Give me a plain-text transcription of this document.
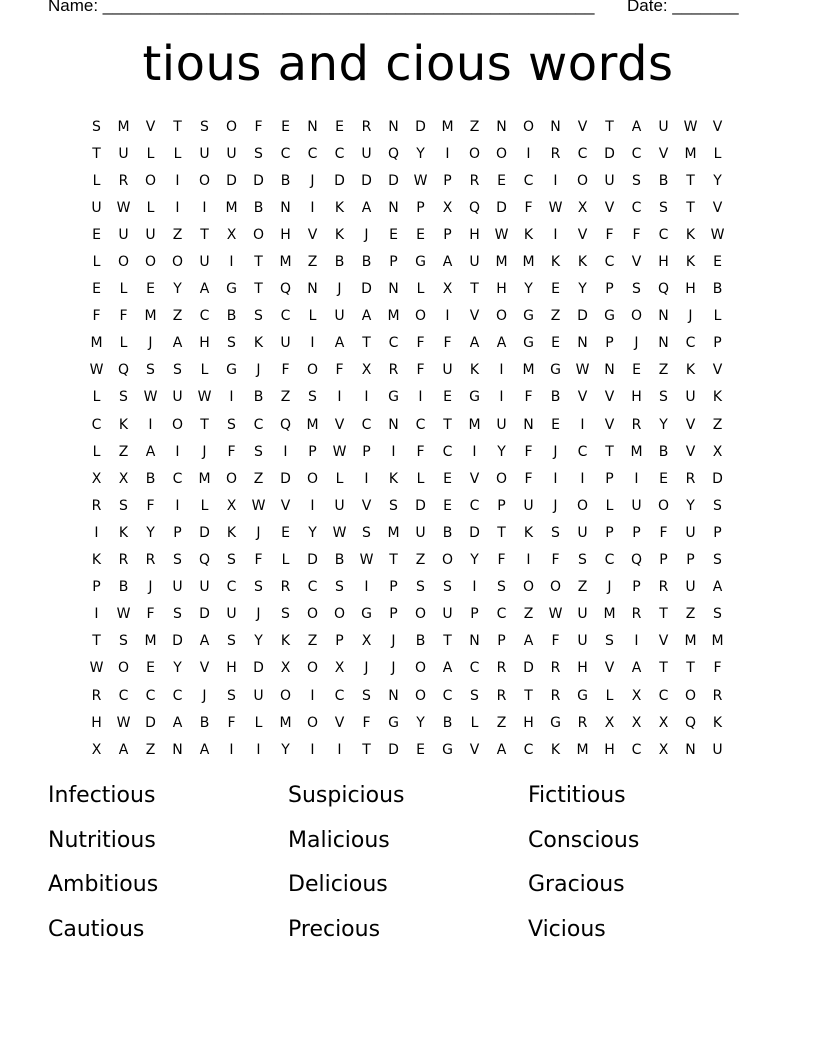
Name: ____________________________________________________

Date: _______

tious and cious words
S	M	V	T	S	O	F	E	N	E	R	N	D	M	Z	N	O	N	V	T	A	U	W	V
T	U	L	L	U	U	S	C	C	C	U	Q	Y	I	O	O	I	R	C	D	C	V	M	L
L	R	O	I	O	D	D	B	J	D	D	D	W	P	R	E	C	I	O	U	S	B	T	Y
U	W	L	I	I	M	B	N	I	K	A	N	P	X	Q	D	F	W	X	V	C	S	T	V
E	U	U	Z	T	X	O	H	V	K	J	E	E	P	H	W	K	I	V	F	F	C	K	W
L	O	O	O	U	I	T	M	Z	B	B	P	G	A	U	M	M	K	K	C	V	H	K	E
E	L	E	Y	A	G	T	Q	N	J	D	N	L	X	T	H	Y	E	Y	P	S	Q	H	B
F	F	M	Z	C	B	S	C	L	U	A	M	O	I	V	O	G	Z	D	G	O	N	J	L
M	L	J	A	H	S	K	U	I	A	T	C	F	F	A	A	G	E	N	P	J	N	C	P
W	Q	S	S	L	G	J	F	O	F	X	R	F	U	K	I	M	G	W	N	E	Z	K	V
L	S	W	U	W	I	B	Z	S	I	I	G	I	E	G	I	F	B	V	V	H	S	U	K
C	K	I	O	T	S	C	Q	M	V	C	N	C	T	M	U	N	E	I	V	R	Y	V	Z
L	Z	A	I	J	F	S	I	P	W	P	I	F	C	I	Y	F	J	C	T	M	B	V	X
X	X	B	C	M	O	Z	D	O	L	I	K	L	E	V	O	F	I	I	P	I	E	R	D
R	S	F	I	L	X	W	V	I	U	V	S	D	E	C	P	U	J	O	L	U	O	Y	S
I	K	Y	P	D	K	J	E	Y	W	S	M	U	B	D	T	K	S	U	P	P	F	U	P
K	R	R	S	Q	S	F	L	D	B	W	T	Z	O	Y	F	I	F	S	C	Q	P	P	S
P	B	J	U	U	C	S	R	C	S	I	P	S	S	I	S	O	O	Z	J	P	R	U	A
I	W	F	S	D	U	J	S	O	O	G	P	O	U	P	C	Z	W	U	M	R	T	Z	S
T	S	M	D	A	S	Y	K	Z	P	X	J	B	T	N	P	A	F	U	S	I	V	M	M
W	O	E	Y	V	H	D	X	O	X	J	J	O	A	C	R	D	R	H	V	A	T	T	F
R	C	C	C	J	S	U	O	I	C	S	N	O	C	S	R	T	R	G	L	X	C	O	R
H	W	D	A	B	F	L	M	O	V	F	G	Y	B	L	Z	H	G	R	X	X	X	Q	K
X	A	Z	N	A	I	I	Y	I	I	T	D	E	G	V	A	C	K	M	H	C	X	N	U
Infectious	Suspicious	Fictitious
Nutritious	Malicious	Conscious
Ambitious	Delicious	Gracious
Cautious	Precious	Vicious
